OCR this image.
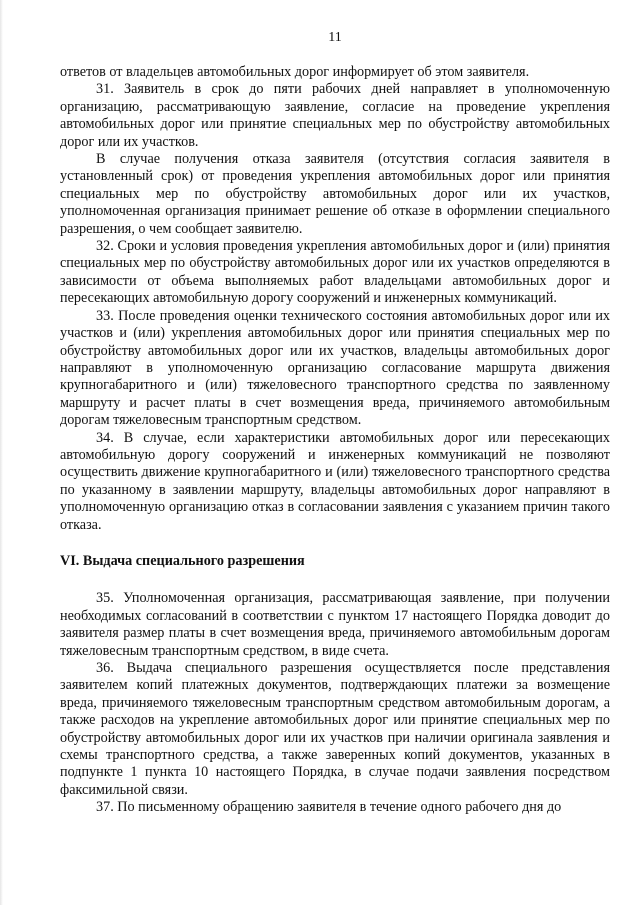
11

ответов от владельцев автомобильных дорог информирует об этом заявителя.

31. Заявитель в срок до пяти рабочих дней направляет в уполномоченную организацию, рассматривающую заявление, согласие на проведение укрепления автомобильных дорог или принятие специальных мер по обустройству автомобильных дорог или их участков.

В случае получения отказа заявителя (отсутствия согласия заявителя в установленный срок) от проведения укрепления автомобильных дорог или принятия специальных мер по обустройству автомобильных дорог или их участков, уполномоченная организация принимает решение об отказе в оформлении специального разрешения, о чем сообщает заявителю.

32. Сроки и условия проведения укрепления автомобильных дорог и (или) принятия специальных мер по обустройству автомобильных дорог или их участков определяются в зависимости от объема выполняемых работ владельцами автомобильных дорог и пересекающих автомобильную дорогу сооружений и инженерных коммуникаций.

33. После проведения оценки технического состояния автомобильных дорог или их участков и (или) укрепления автомобильных дорог или принятия специальных мер по обустройству автомобильных дорог или их участков, владельцы автомобильных дорог направляют в уполномоченную организацию согласование маршрута движения крупногабаритного и (или) тяжеловесного транспортного средства по заявленному маршруту и расчет платы в счет возмещения вреда, причиняемого автомобильным дорогам тяжеловесным транспортным средством.

34. В случае, если характеристики автомобильных дорог или пересекающих автомобильную дорогу сооружений и инженерных коммуникаций не позволяют осуществить движение крупногабаритного и (или) тяжеловесного транспортного средства по указанному в заявлении маршруту, владельцы автомобильных дорог направляют в уполномоченную организацию отказ в согласовании заявления с указанием причин такого отказа.

VI. Выдача специального разрешения

35. Уполномоченная организация, рассматривающая заявление, при получении необходимых согласований в соответствии с пунктом 17 настоящего Порядка доводит до заявителя размер платы в счет возмещения вреда, причиняемого автомобильным дорогам тяжеловесным транспортным средством, в виде счета.

36. Выдача специального разрешения осуществляется после представления заявителем копий платежных документов, подтверждающих платежи за возмещение вреда, причиняемого тяжеловесным транспортным средством автомобильным дорогам, а также расходов на укрепление автомобильных дорог или принятие специальных мер по обустройству автомобильных дорог или их участков при наличии оригинала заявления и схемы транспортного средства, а также заверенных копий документов, указанных в подпункте 1 пункта 10 настоящего Порядка, в случае подачи заявления посредством факсимильной связи.

37. По письменному обращению заявителя в течение одного рабочего дня до
